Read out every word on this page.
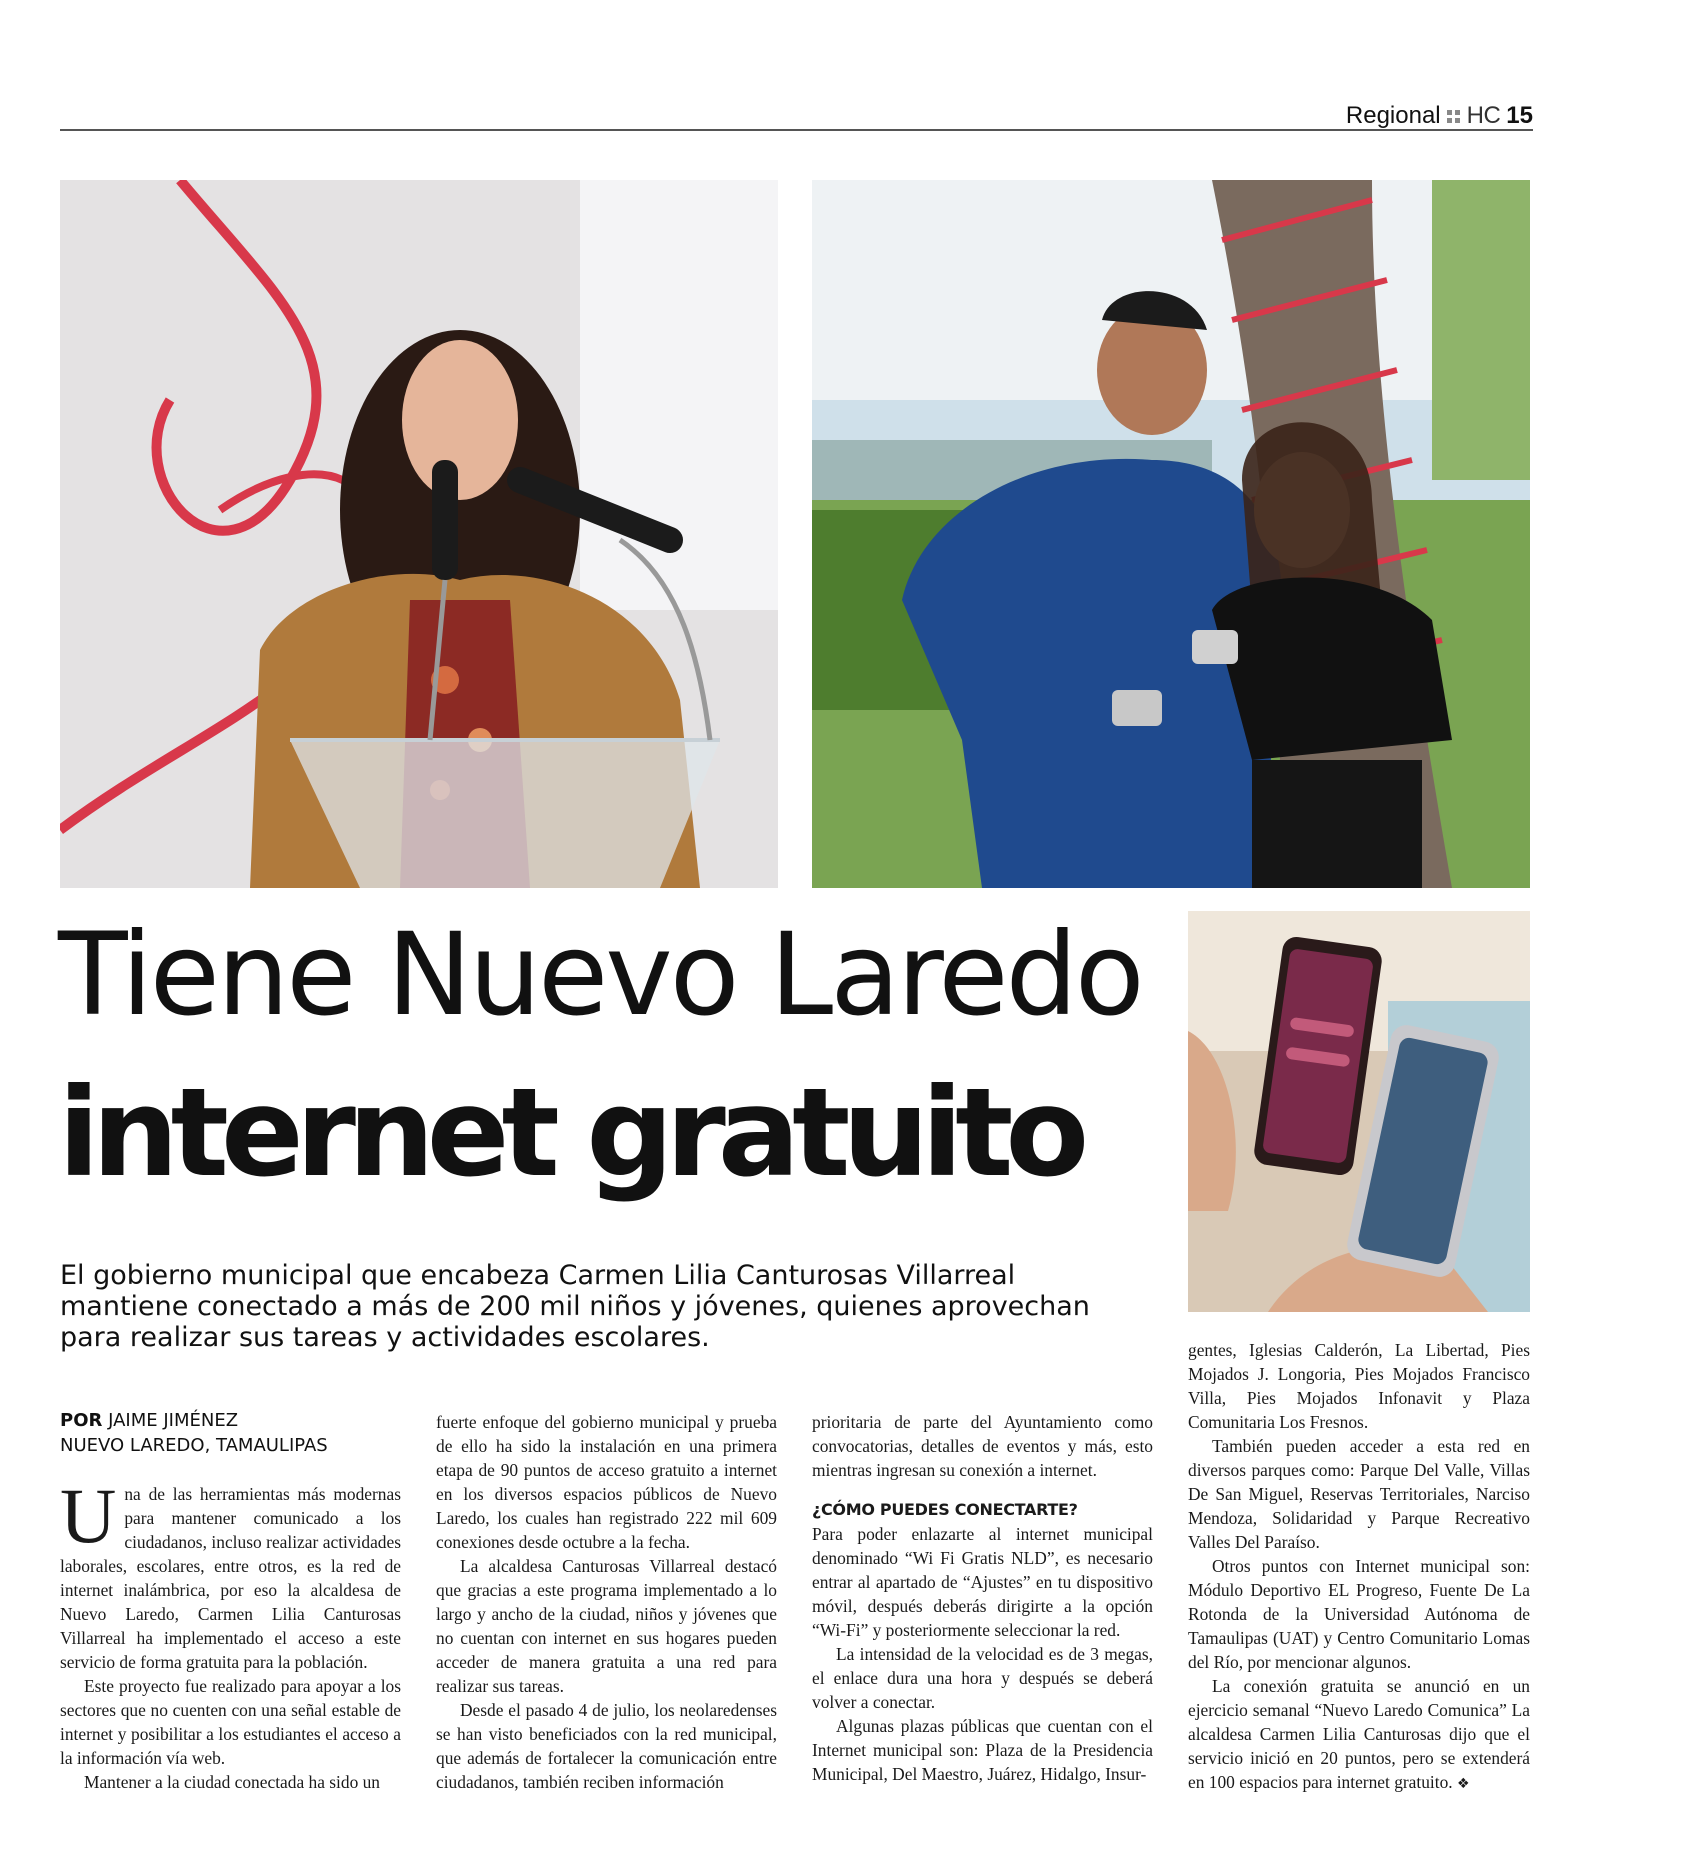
Regional HC 15
Tiene Nuevo Laredo
internet gratuito

El gobierno municipal que encabeza Carmen Lilia Canturosas Villarreal mantiene conectado a más de 200 mil niños y jóvenes, quienes aprovechan para realizar sus tareas y actividades escolares.

POR JAIME JIMÉNEZ
NUEVO LAREDO, TAMAULIPAS

Una de las herramientas más modernas para mantener comunicado a los ciudadanos, incluso realizar actividades laborales, escolares, entre otros, es la red de internet inalámbrica, por eso la alcaldesa de Nuevo Laredo, Carmen Lilia Canturosas Villarreal ha implementado el acceso a este servicio de forma gratuita para la población.

Este proyecto fue realizado para apoyar a los sectores que no cuenten con una señal estable de internet y posibilitar a los estudiantes el acceso a la información vía web.

Mantener a la ciudad conectada ha sido un

fuerte enfoque del gobierno municipal y prueba de ello ha sido la instalación en una primera etapa de 90 puntos de acceso gratuito a internet en los diversos espacios públicos de Nuevo Laredo, los cuales han registrado 222 mil 609 conexiones desde octubre a la fecha.

La alcaldesa Canturosas Villarreal destacó que gracias a este programa implementado a lo largo y ancho de la ciudad, niños y jóvenes que no cuentan con internet en sus hogares pueden acceder de manera gratuita a una red para realizar sus tareas.

Desde el pasado 4 de julio, los neolaredenses se han visto beneficiados con la red municipal, que además de fortalecer la comunicación entre ciudadanos, también reciben información

prioritaria de parte del Ayuntamiento como convocatorias, detalles de eventos y más, esto mientras ingresan su conexión a internet.

¿CÓMO PUEDES CONECTARTE?

Para poder enlazarte al internet municipal denominado “Wi Fi Gratis NLD”, es necesario entrar al apartado de “Ajustes” en tu dispositivo móvil, después deberás dirigirte a la opción “Wi-Fi” y posteriormente seleccionar la red.

La intensidad de la velocidad es de 3 megas, el enlace dura una hora y después se deberá volver a conectar.

Algunas plazas públicas que cuentan con el Internet municipal son: Plaza de la Presidencia Municipal, Del Maestro, Juárez, Hidalgo, Insur-

gentes, Iglesias Calderón, La Libertad, Pies Mojados J. Longoria, Pies Mojados Francisco Villa, Pies Mojados Infonavit y Plaza Comunitaria Los Fresnos.

También pueden acceder a esta red en diversos parques como: Parque Del Valle, Villas De San Miguel, Reservas Territoriales, Narciso Mendoza, Solidaridad y Parque Recreativo Valles Del Paraíso.

Otros puntos con Internet municipal son: Módulo Deportivo EL Progreso, Fuente De La Rotonda de la Universidad Autónoma de Tamaulipas (UAT) y Centro Comunitario Lomas del Río, por mencionar algunos.

La conexión gratuita se anunció en un ejercicio semanal “Nuevo Laredo Comunica” La alcaldesa Carmen Lilia Canturosas dijo que el servicio inició en 20 puntos, pero se extenderá en 100 espacios para internet gratuito. ❖
